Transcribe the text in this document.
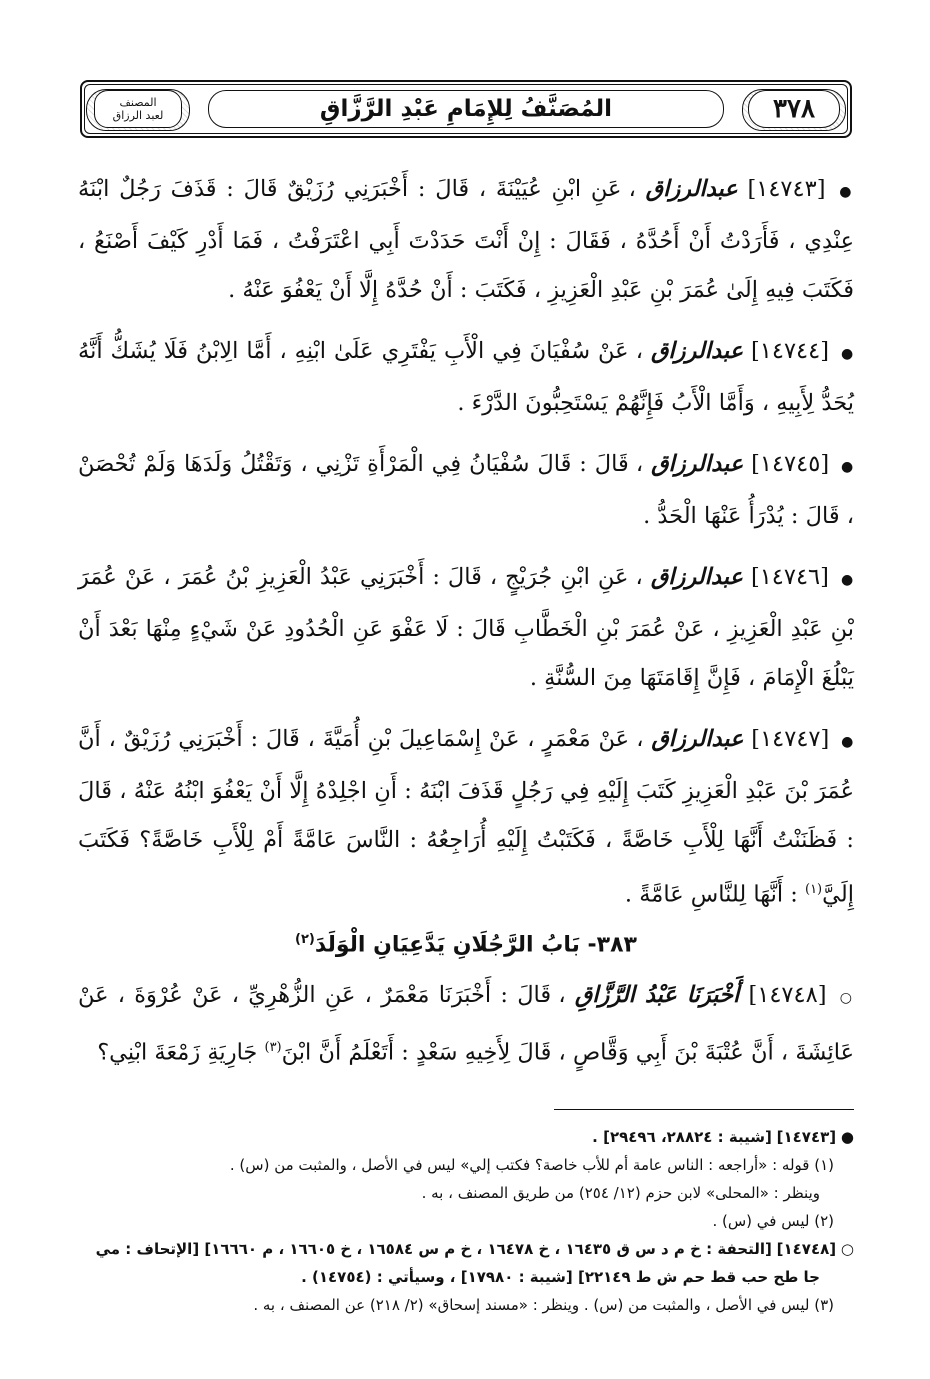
المصنف
لعبد الرزاق	المُصَنَّفُ لِلإِمَامِ عَبْدِ الرَّزَّاقِ	٣٧٨

● [١٤٧٤٣] عبدالرزاق ، عَنِ ابْنِ عُيَيْنَةَ ، قَالَ : أَخْبَرَنِي رُزَيْقٌ قَالَ : قَذَفَ رَجُلٌ ابْنَهُ عِنْدِي ، فَأَرَدْتُ أَنْ أَحُدَّهُ ، فَقَالَ : إِنْ أَنْتَ حَدَدْتَ أَبِي اعْتَرَفْتُ ، فَمَا أَدْرِ كَيْفَ أَصْنَعُ ، فَكَتَبَ فِيهِ إِلَىٰ عُمَرَ بْنِ عَبْدِ الْعَزِيزِ ، فَكَتَبَ : أَنْ حُدَّهُ إِلَّا أَنْ يَعْفُوَ عَنْهُ .

● [١٤٧٤٤] عبدالرزاق ، عَنْ سُفْيَانَ فِي الْأَبِ يَفْتَرِي عَلَىٰ ابْنِهِ ، أَمَّا الِابْنُ فَلَا يُشَكُّ أَنَّهُ يُحَدُّ لِأَبِيهِ ، وَأَمَّا الْأَبُ فَإِنَّهُمْ يَسْتَحِبُّونَ الدَّرْءَ .

● [١٤٧٤٥] عبدالرزاق ، قَالَ : قَالَ سُفْيَانُ فِي الْمَرْأَةِ تَزْنِي ، وَتَقْتُلُ وَلَدَهَا وَلَمْ تُحْصَنْ ، قَالَ : يُدْرَأُ عَنْهَا الْحَدُّ .

● [١٤٧٤٦] عبدالرزاق ، عَنِ ابْنِ جُرَيْجٍ ، قَالَ : أَخْبَرَنِي عَبْدُ الْعَزِيزِ بْنُ عُمَرَ ، عَنْ عُمَرَ بْنِ عَبْدِ الْعَزِيزِ ، عَنْ عُمَرَ بْنِ الْخَطَّابِ قَالَ : لَا عَفْوَ عَنِ الْحُدُودِ عَنْ شَيْءٍ مِنْهَا بَعْدَ أَنْ يَبْلُغَ الْإِمَامَ ، فَإِنَّ إِقَامَتَهَا مِنَ السُّنَّةِ .

● [١٤٧٤٧] عبدالرزاق ، عَنْ مَعْمَرٍ ، عَنْ إِسْمَاعِيلَ بْنِ أُمَيَّةَ ، قَالَ : أَخْبَرَنِي رُزَيْقٌ ، أَنَّ عُمَرَ بْنَ عَبْدِ الْعَزِيزِ كَتَبَ إِلَيْهِ فِي رَجُلٍ قَذَفَ ابْنَهُ : أَنِ اجْلِدْهُ إِلَّا أَنْ يَعْفُوَ ابْنُهُ عَنْهُ ، قَالَ : فَظَنَنْتُ أَنَّهَا لِلْأَبِ خَاصَّةً ، فَكَتَبْتُ إِلَيْهِ أُرَاجِعُهُ : النَّاسَ عَامَّةً أَمْ لِلْأَبِ خَاصَّةً؟ فَكَتَبَ إِلَيَّ$^{(١)}$ : أَنَّهَا لِلنَّاسِ عَامَّةً .

٣٨٣- بَابُ الرَّجُلَانِ يَدَّعِيَانِ الْوَلَدَ$^{(٢)}$

○ [١٤٧٤٨] أَخْبَرَنَا عَبْدُ الرَّزَّاقِ ، قَالَ : أَخْبَرَنَا مَعْمَرٌ ، عَنِ الزُّهْرِيِّ ، عَنْ عُرْوَةَ ، عَنْ عَائِشَةَ ، أَنَّ عُتْبَةَ بْنَ أَبِي وَقَّاصٍ ، قَالَ لِأَخِيهِ سَعْدٍ : أَتَعْلَمُ أَنَّ ابْنَ$^{(٣)}$ جَارِيَةِ زَمْعَةَ ابْنِي؟

● [١٤٧٤٣] [شيبة : ٢٨٨٢٤، ٢٩٤٩٦] .

(١) قوله : «أراجعه : الناس عامة أم للأب خاصة؟ فكتب إلي» ليس في الأصل ، والمثبت من (س) .

وينظر : «المحلى» لابن حزم (١٢/ ٢٥٤) من طريق المصنف ، به .

(٢) ليس في (س) .

○ [١٤٧٤٨] [التحفة : خ م د س ق ١٦٤٣٥ ، خ ١٦٤٧٨ ، خ م س ١٦٥٨٤ ، خ ١٦٦٠٥ ، م ١٦٦٦٠] [الإتحاف : مي

جا طح حب قط حم ش ط ٢٢١٤٩] [شيبة : ١٧٩٨٠] ، وسيأتي : (١٤٧٥٤) .

(٣) ليس في الأصل ، والمثبت من (س) . وينظر : «مسند إسحاق» (٢/ ٢١٨) عن المصنف ، به .
